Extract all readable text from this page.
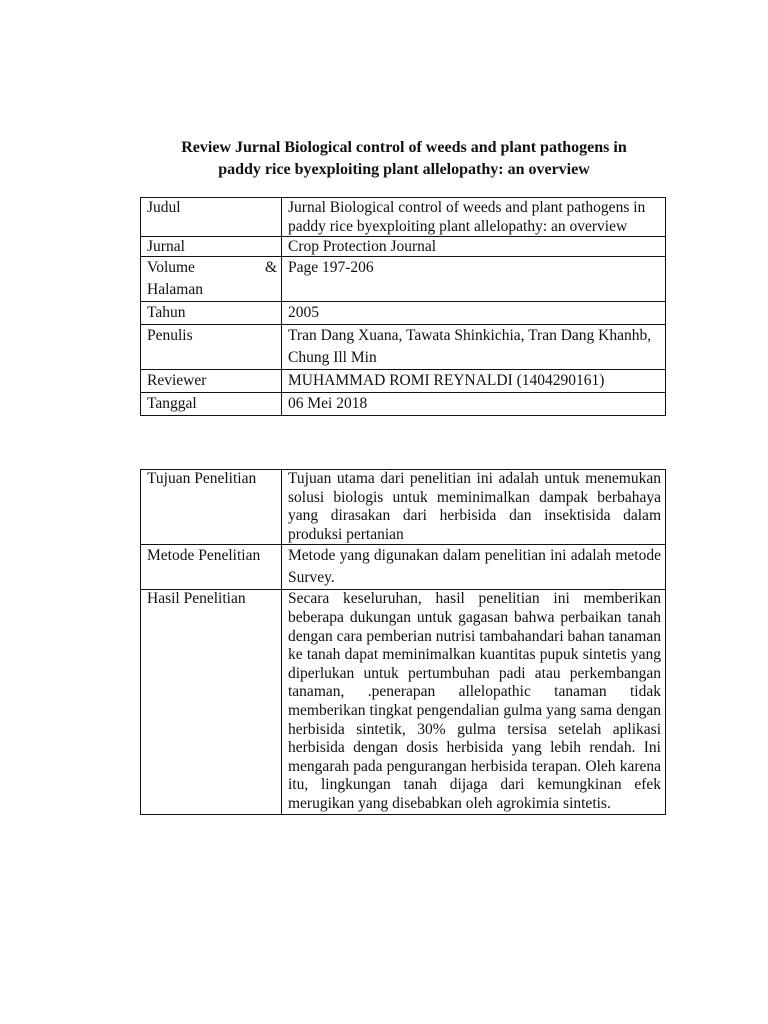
Review Jurnal Biological control of weeds and plant pathogens in
paddy rice byexploiting plant allelopathy: an overview
Judul	Jurnal Biological control of weeds and plant pathogens in paddy rice byexploiting plant allelopathy: an overview
Jurnal	Crop Protection Journal

Volume &
Halaman	Page 197-206
Tahun	2005
Penulis	Tran Dang Xuana, Tawata Shinkichia, Tran Dang Khanhb, Chung Ill Min
Reviewer	MUHAMMAD ROMI REYNALDI (1404290161)
Tanggal	06 Mei 2018
Tujuan Penelitian	Tujuan utama dari penelitian ini adalah untuk menemukan solusi biologis untuk meminimalkan dampak berbahaya yang dirasakan dari herbisida dan insektisida dalam produksi pertanian
Metode Penelitian	Metode yang digunakan dalam penelitian ini adalah metode Survey.
Hasil Penelitian	Secara keseluruhan, hasil penelitian ini memberikan beberapa dukungan untuk gagasan bahwa perbaikan tanah dengan cara pemberian nutrisi tambahandari bahan tanaman ke tanah dapat meminimalkan kuantitas pupuk sintetis yang diperlukan untuk pertumbuhan padi atau perkembangan tanaman, .penerapan allelopathic tanaman tidak memberikan tingkat pengendalian gulma yang sama dengan herbisida sintetik, 30% gulma tersisa setelah aplikasi herbisida dengan dosis herbisida yang lebih rendah. Ini mengarah pada pengurangan herbisida terapan. Oleh karena itu, lingkungan tanah dijaga dari kemungkinan efek merugikan yang disebabkan oleh agrokimia sintetis.
